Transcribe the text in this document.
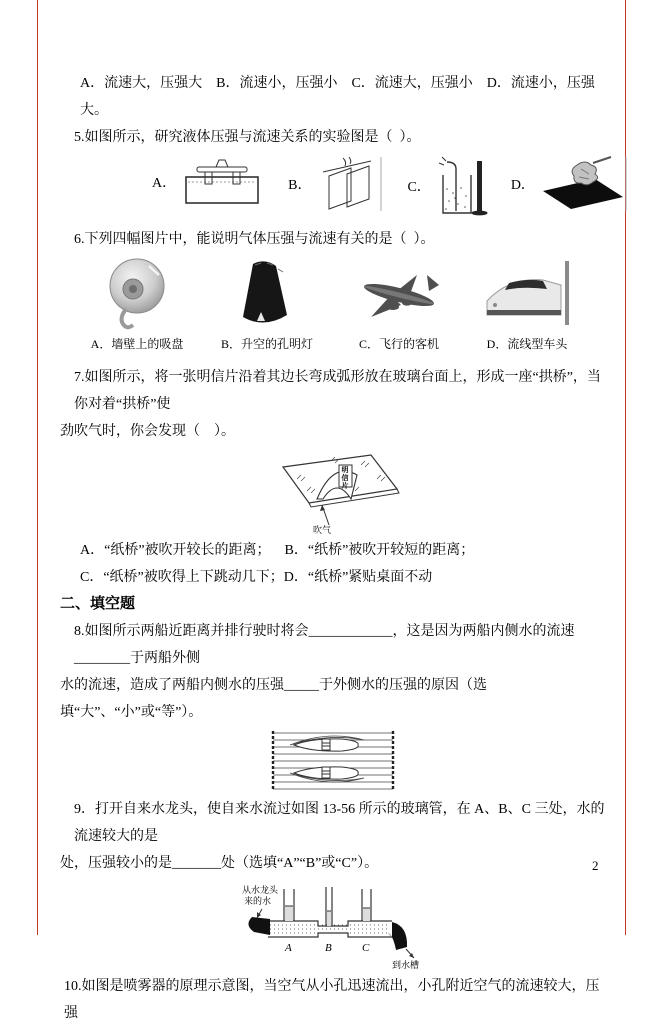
A．流速大，压强大    B．流速小，压强小    C．流速大，压强小    D．流速小，压强大。
5.如图所示，研究液体压强与流速关系的实验图是（  ）。
A．	B．	C．	D．
6.下列四幅图片中，能说明气体压强与流速有关的是（  ）。
A．墙壁上的吸盘	B．升空的孔明灯	C．飞行的客机	D．流线型车头
7.如图所示，将一张明信片沿着其边长弯成弧形放在玻璃台面上，形成一座“拱桥”，当你对着“拱桥”使
劲吹气时，你会发现（    ）。
吹气
明信片
A．“纸桥”被吹开较长的距离；    B．“纸桥”被吹开较短的距离；
C．“纸桥”被吹得上下跳动几下；D．“纸桥”紧贴桌面不动
二、填空题
8.如图所示两船近距离并排行驶时将会____________，这是因为两船内侧水的流速________于两船外侧
水的流速，造成了两船内侧水的压强_____于外侧水的压强的原因（选填“大”、“小”或“等”）。
9．打开自来水龙头，使自来水流过如图 13-56 所示的玻璃管，在 A、B、C 三处，水的流速较大的是
处，压强较小的是_______处（选填“A”“B”或“C”）。
从水龙头
来的水
A	B	C
到水槽
10.如图是喷雾器的原理示意图，当空气从小孔迅速流出，小孔附近空气的流速较大，压强
2
